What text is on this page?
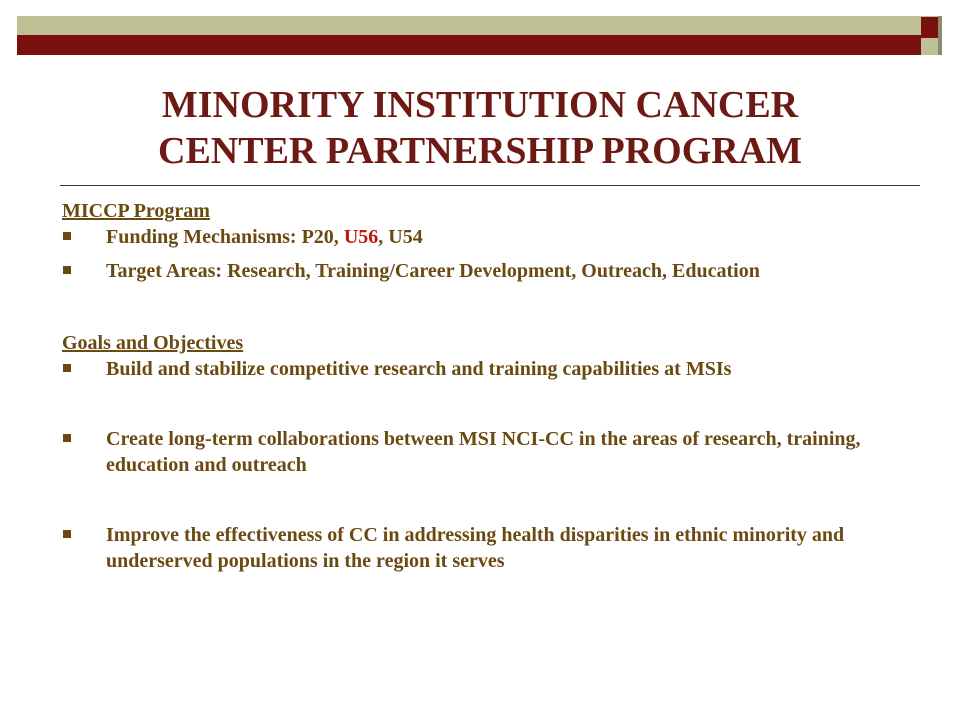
MINORITY INSTITUTION CANCER
CENTER PARTNERSHIP PROGRAM

MICCP Program

Funding Mechanisms: P20, U56, U54
Target Areas: Research, Training/Career Development, Outreach, Education

Goals and Objectives

Build and stabilize competitive research and training capabilities at MSIs
Create long-term collaborations between MSI NCI-CC in the areas of research, training, education and outreach
Improve the effectiveness of CC in addressing health disparities in ethnic minority and underserved populations in the region it serves
